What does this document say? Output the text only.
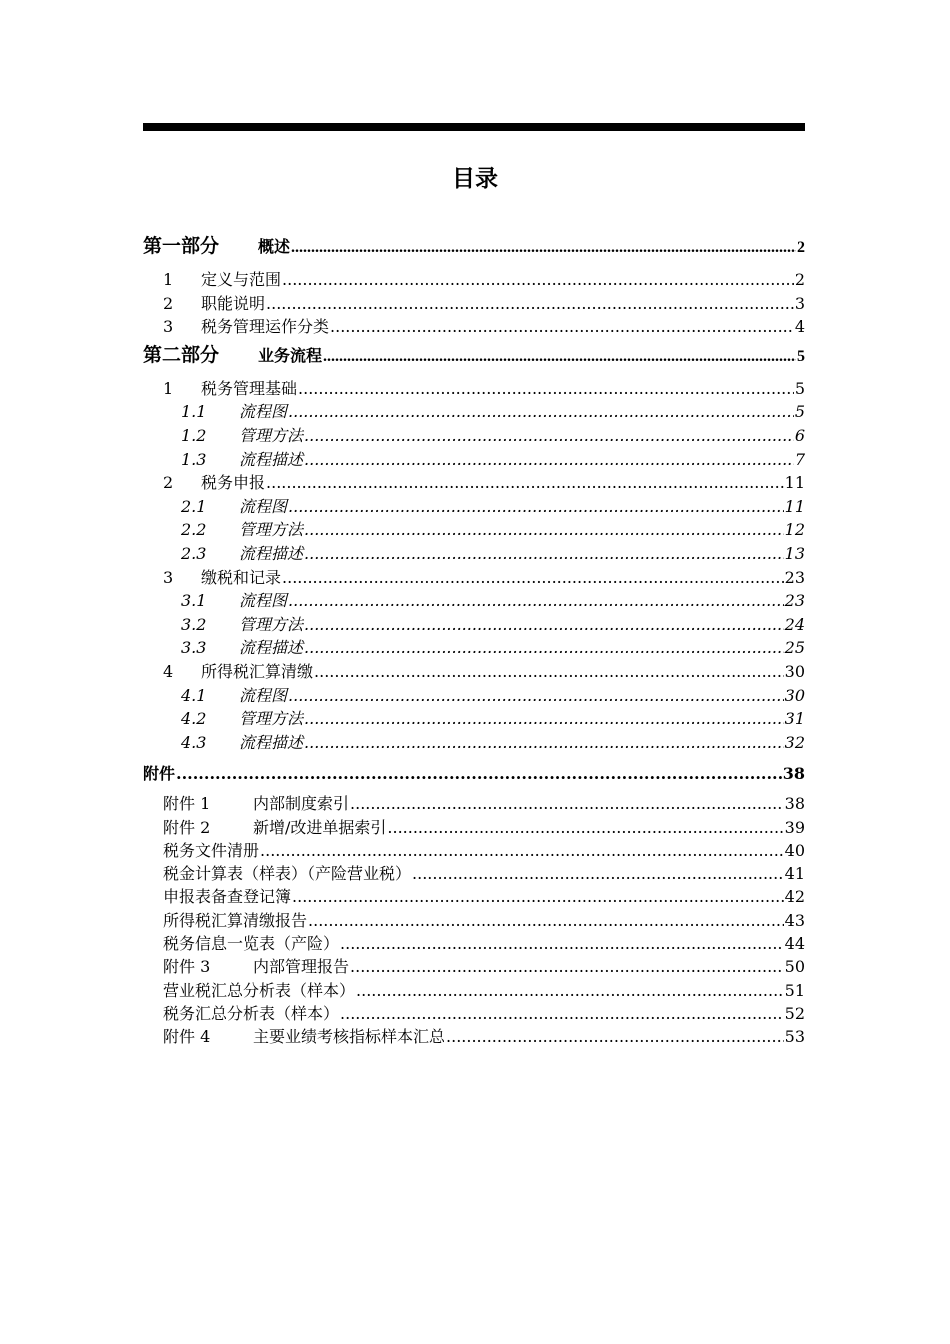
目录
第一部分	概述 .....	2
1	定义与范围 .....	2
2	职能说明 .....	3
3	税务管理运作分类 .....	4
第二部分	业务流程 .....	5
1	税务管理基础 .....	5
1.1	流程图 .....	5
1.2	管理方法 .....	6
1.3	流程描述 .....	7
2	税务申报 .....	11
2.1	流程图 .....	11
2.2	管理方法 .....	12
2.3	流程描述 .....	13
3	缴税和记录 .....	23
3.1	流程图 .....	23
3.2	管理方法 .....	24
3.3	流程描述 .....	25
4	所得税汇算清缴 .....	30
4.1	流程图 .....	30
4.2	管理方法 .....	31
4.3	流程描述 .....	32
附件 .....	38
附件 1	内部制度索引 .....	38
附件 2	新增/改进单据索引 .....	39
税务文件清册 .....	40
税金计算表（样表）（产险营业税） .....	41
申报表备查登记簿 .....	42
所得税汇算清缴报告 .....	43
税务信息一览表（产险） .....	44
附件 3	内部管理报告 .....	50
营业税汇总分析表（样本） .....	51
税务汇总分析表（样本） .....	52
附件 4	主要业绩考核指标样本汇总 .....	53
